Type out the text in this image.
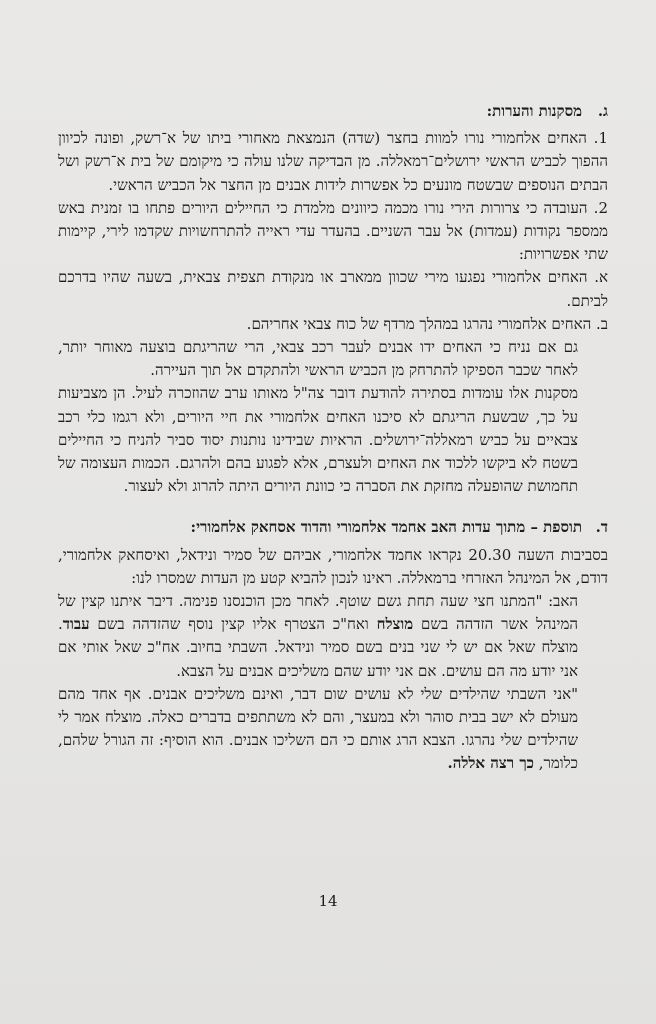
ג.מסקנות והערות:

1. האחים אלחמורי נורו למוות בחצר (שדה) הנמצאת מאחורי ביתו של א־רשק, ופונה לכיוון ההפוך לכביש הראשי ירושלים־רמאללה. מן הבדיקה שלנו עולה כי מיקומם של בית א־רשק ושל הבתים הנוספים שבשטח מונעים כל אפשרות לידות אבנים מן החצר אל הכביש הראשי.

2. העובדה כי צרורות הירי נורו מכמה כיוונים מלמדת כי החיילים היורים פתחו בו זמנית באש ממספר נקודות (עמדות) אל עבר השניים. בהעדר עדי ראייה להתרחשויות שקדמו לירי, קיימות שתי אפשרויות:

א. האחים אלחמורי נפגעו מירי שכוון ממארב או מנקודת תצפית צבאית, בשעה שהיו בדרכם לביתם.

ב. האחים אלחמורי נהרגו במהלך מרדף של כוח צבאי אחריהם.

גם אם נניח כי האחים ידו אבנים לעבר רכב צבאי, הרי שהריגתם בוצעה מאוחר יותר, לאחר שכבר הספיקו להתרחק מן הכביש הראשי ולהתקדם אל תוך העיירה.

מסקנות אלו עומדות בסתירה להודעת דובר צה"ל מאותו ערב שהוזכרה לעיל. הן מצביעות על כך, שבשעת הריגתם לא סיכנו האחים אלחמורי את חיי היורים, ולא רגמו כלי רכב צבאיים על כביש רמאללה־ירושלים. הראיות שבידינו נותנות יסוד סביר להניח כי החיילים בשטח לא ביקשו ללכוד את האחים ולעצרם, אלא לפגוע בהם ולהרגם. הכמות העצומה של תחמושת שהופעלה מחזקת את הסברה כי כוונת היורים היתה להרוג ולא לעצור.

ד.תוספת – מתוך עדות האב אחמד אלחמורי והדוד אסחאק אלחמורי:

בסביבות השעה 20.30 נקראו אחמד אלחמורי, אביהם של סמיר ונידאל, ואיסחאק אלחמורי, דודם, אל המינהל האזרחי ברמאללה. ראינו לנכון להביא קטע מן העדות שמסרו לנו:

האב: "המתנו חצי שעה תחת גשם שוטף. לאחר מכן הוכנסנו פנימה. דיבר איתנו קצין של המינהל אשר הזדהה בשם מוצלח ואח"כ הצטרף אליו קצין נוסף שהזדהה בשם עבוד. מוצלח שאל אם יש לי שני בנים בשם סמיר ונידאל. השבתי בחיוב. אח"כ שאל אותי אם אני יודע מה הם עושים. אם אני יודע שהם משליכים אבנים על הצבא.

"אני השבתי שהילדים שלי לא עושים שום דבר, ואינם משליכים אבנים. אף אחד מהם מעולם לא ישב בבית סוהר ולא במעצר, והם לא משתתפים בדברים כאלה. מוצלח אמר לי שהילדים שלי נהרגו. הצבא הרג אותם כי הם השליכו אבנים. הוא הוסיף: זה הגורל שלהם, כלומר, כך רצה אללה.

14
